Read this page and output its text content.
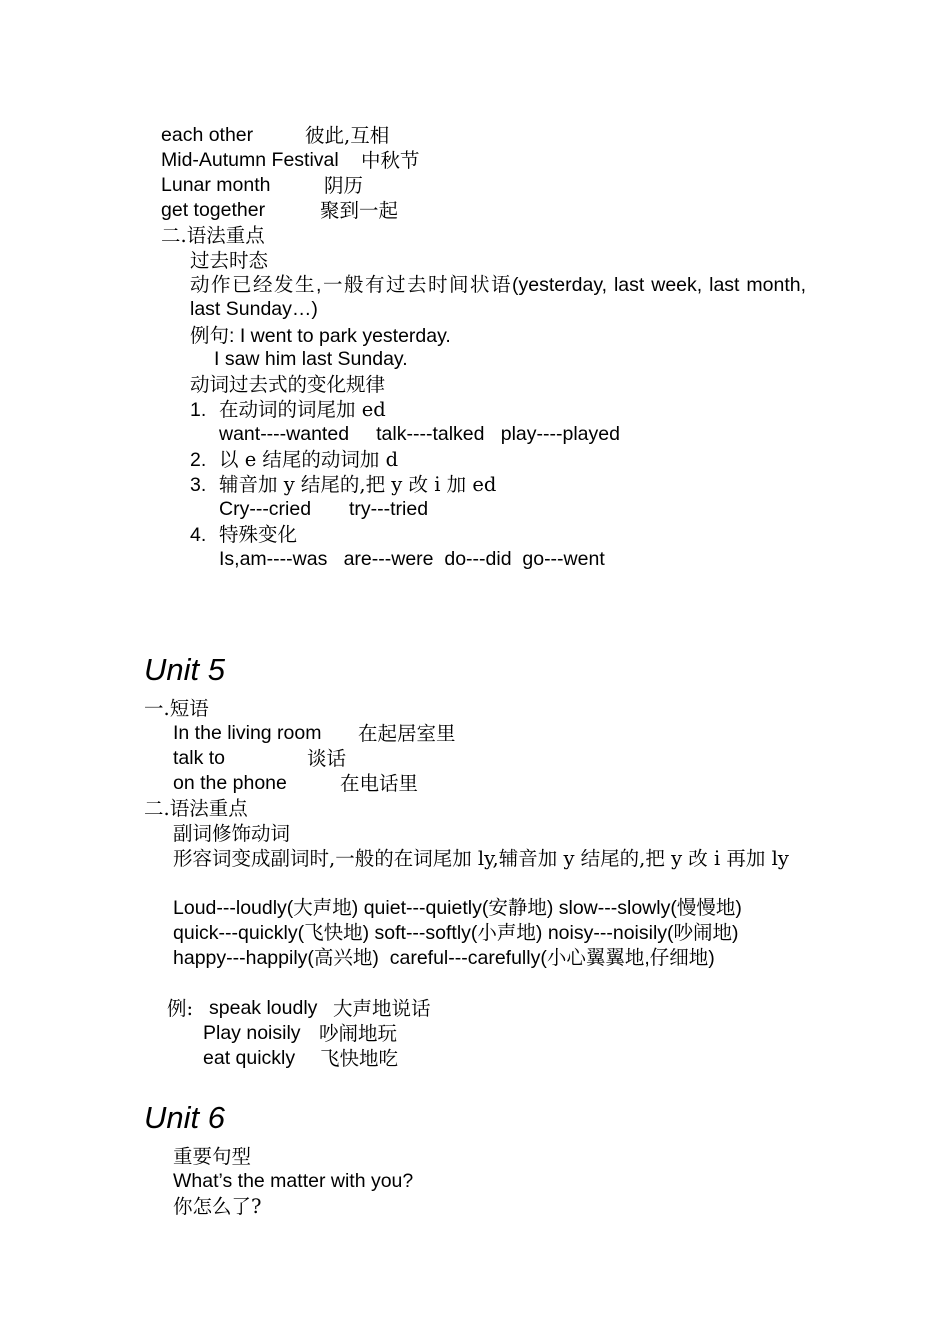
each other	彼此,互相
Mid-Autumn Festival 中秋节
Lunar month	阴历
get together	聚到一起
二.语法重点
过去时态
动作已经发生,一般有过去时间状语(yesterday, last week, last month, last Sunday…)
例句: I went to park yesterday.
I saw him last Sunday.
动词过去式的变化规律
1. 在动词的词尾加 ed
want----wanted     talk----talked   play----played
2. 以 e 结尾的动词加 d
3. 辅音加 y 结尾的,把 y 改 i 加 ed
Cry---cried       try---tried
4. 特殊变化
Is,am----was   are---were  do---did  go---went
Unit 5
一.短语
In the living room 在起居室里
talk to	谈话
on the phone	在电话里
二.语法重点
副词修饰动词
形容词变成副词时,一般的在词尾加 ly,辅音加 y 结尾的,把 y 改 i 再加 ly
Loud---loudly(大声地) quiet---quietly(安静地) slow---slowly(慢慢地)
quick---quickly(飞快地) soft---softly(小声地) noisy---noisily(吵闹地)
happy---happily(高兴地)  careful---carefully(小心翼翼地,仔细地)
例: speak loudly 大声地说话
Play noisily 吵闹地玩
eat quickly 飞快地吃
Unit 6
重要句型
What’s the matter with you?
你怎么了?
